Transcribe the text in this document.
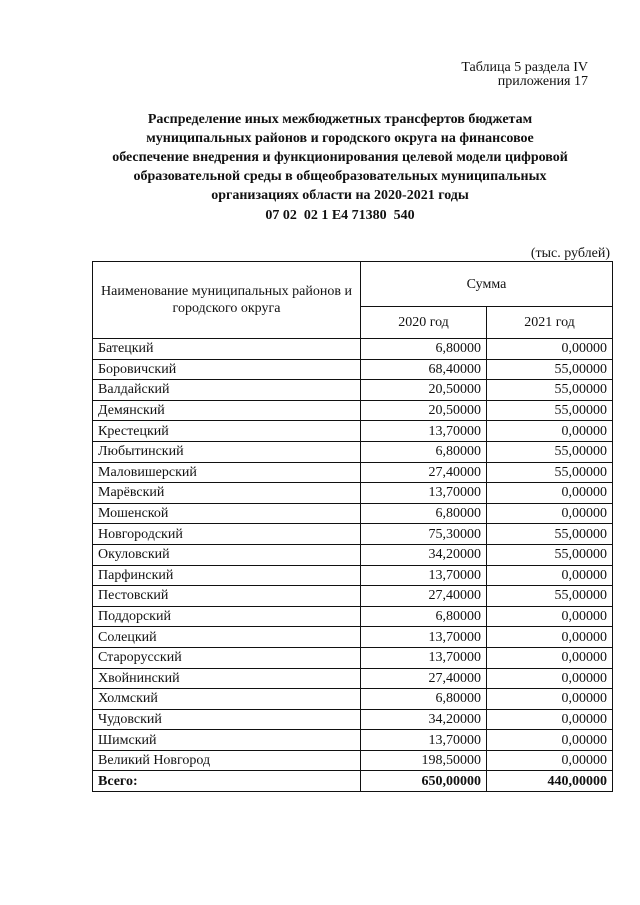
Таблица 5 раздела IV
приложения 17
Распределение иных межбюджетных трансфертов бюджетам муниципальных районов и городского округа на финансовое обеспечение внедрения и функционирования целевой модели цифровой образовательной среды в общеобразовательных муниципальных организациях области на 2020-2021 годы
07 02  02 1 E4 71380  540
(тыс. рублей)
Наименование муниципальных районов и городского округа	Сумма	
	2020 год	2021 год
Батецкий	6,80000	0,00000
Боровичский	68,40000	55,00000
Валдайский	20,50000	55,00000
Демянский	20,50000	55,00000
Крестецкий	13,70000	0,00000
Любытинский	6,80000	55,00000
Маловишерский	27,40000	55,00000
Марёвский	13,70000	0,00000
Мошенской	6,80000	0,00000
Новгородский	75,30000	55,00000
Окуловский	34,20000	55,00000
Парфинский	13,70000	0,00000
Пестовский	27,40000	55,00000
Поддорский	6,80000	0,00000
Солецкий	13,70000	0,00000
Старорусский	13,70000	0,00000
Хвойнинский	27,40000	0,00000
Холмский	6,80000	0,00000
Чудовский	34,20000	0,00000
Шимский	13,70000	0,00000
Великий Новгород	198,50000	0,00000
Всего:	650,00000	440,00000
